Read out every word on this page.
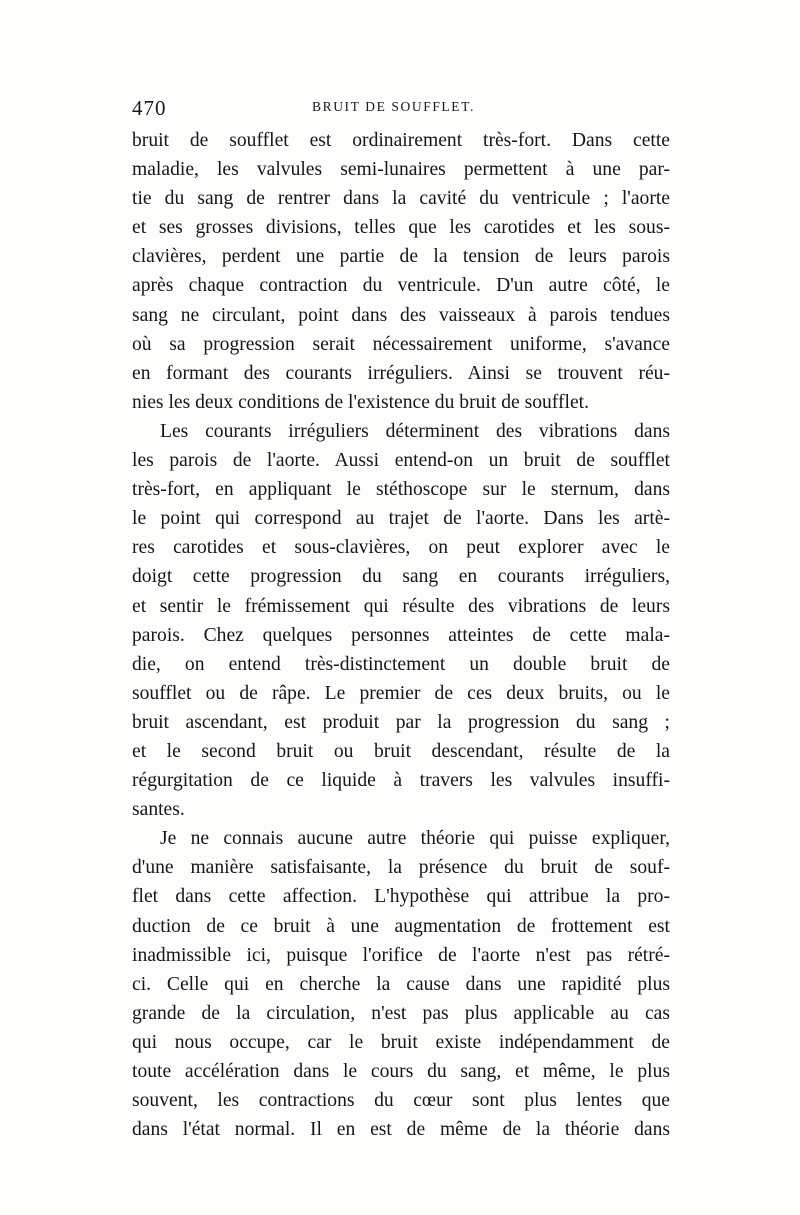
470	BRUIT DE SOUFFLET.
bruit de soufflet est ordinairement très-fort. Dans cette
maladie, les valvules semi-lunaires permettent à une par-
tie du sang de rentrer dans la cavité du ventricule ; l'aorte
et ses grosses divisions, telles que les carotides et les sous-
clavières, perdent une partie de la tension de leurs parois
après chaque contraction du ventricule. D'un autre côté, le
sang ne circulant, point dans des vaisseaux à parois tendues
où sa progression serait nécessairement uniforme, s'avance
en formant des courants irréguliers. Ainsi se trouvent réu-
nies les deux conditions de l'existence du bruit de soufflet.
Les courants irréguliers déterminent des vibrations dans
les parois de l'aorte. Aussi entend-on un bruit de soufflet
très-fort, en appliquant le stéthoscope sur le sternum, dans
le point qui correspond au trajet de l'aorte. Dans les artè-
res carotides et sous-clavières, on peut explorer avec le
doigt cette progression du sang en courants irréguliers,
et sentir le frémissement qui résulte des vibrations de leurs
parois. Chez quelques personnes atteintes de cette mala-
die, on entend très-distinctement un double bruit de
soufflet ou de râpe. Le premier de ces deux bruits, ou le
bruit ascendant, est produit par la progression du sang ;
et le second bruit ou bruit descendant, résulte de la
régurgitation de ce liquide à travers les valvules insuffi-
santes.
Je ne connais aucune autre théorie qui puisse expliquer,
d'une manière satisfaisante, la présence du bruit de souf-
flet dans cette affection. L'hypothèse qui attribue la pro-
duction de ce bruit à une augmentation de frottement est
inadmissible ici, puisque l'orifice de l'aorte n'est pas rétré-
ci. Celle qui en cherche la cause dans une rapidité plus
grande de la circulation, n'est pas plus applicable au cas
qui nous occupe, car le bruit existe indépendamment de
toute accélération dans le cours du sang, et même, le plus
souvent, les contractions du cœur sont plus lentes que
dans l'état normal. Il en est de même de la théorie dans
